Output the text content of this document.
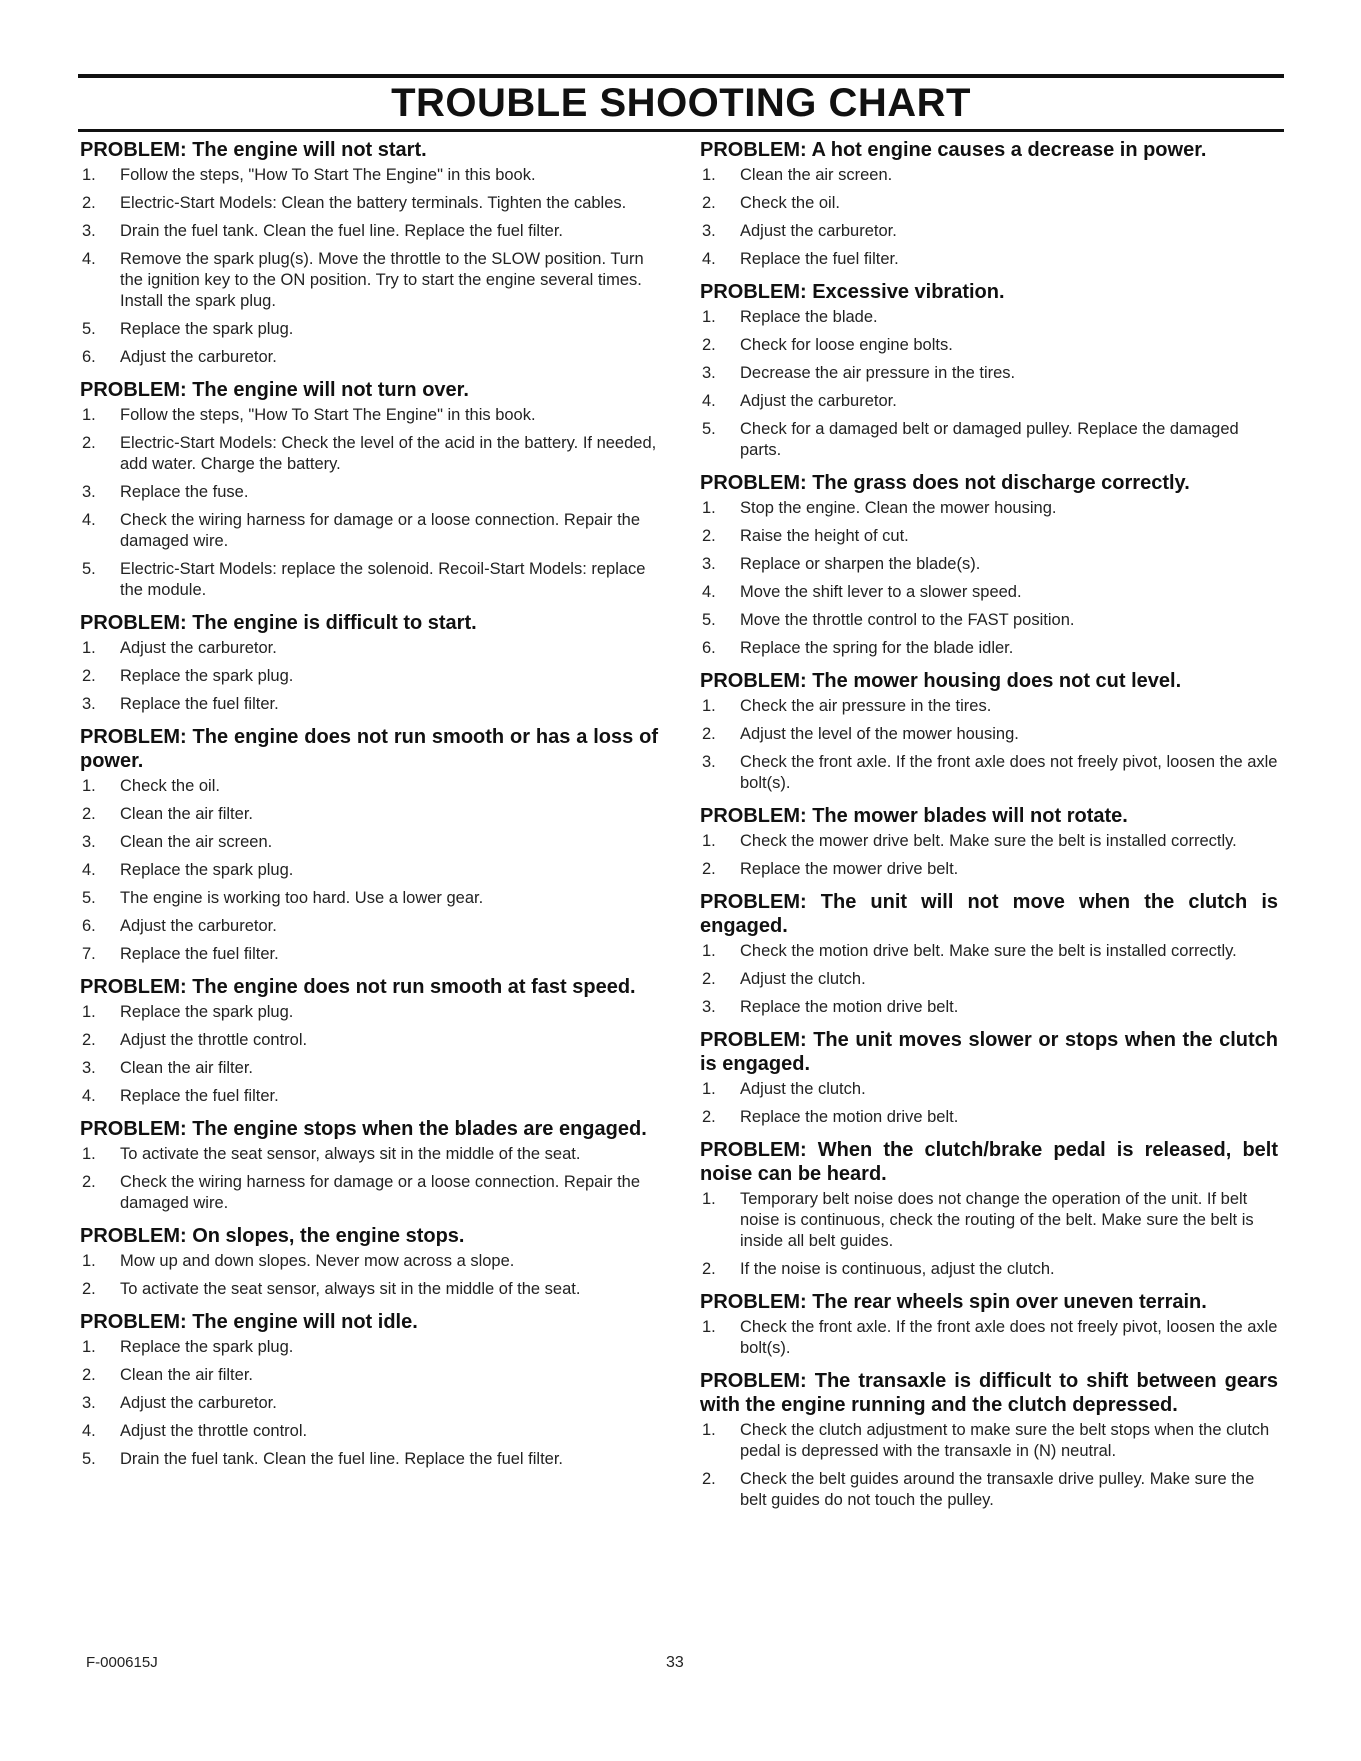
TROUBLE SHOOTING CHART
PROBLEM: The engine will not start.
1. Follow the steps, "How To Start The Engine" in this book.
2. Electric-Start Models: Clean the battery terminals. Tighten the cables.
3. Drain the fuel tank. Clean the fuel line. Replace the fuel filter.
4. Remove the spark plug(s). Move the throttle to the SLOW position. Turn the ignition key to the ON position. Try to start the engine several times. Install the spark plug.
5. Replace the spark plug.
6. Adjust the carburetor.
PROBLEM: The engine will not turn over.
1. Follow the steps, "How To Start The Engine" in this book.
2. Electric-Start Models: Check the level of the acid in the battery. If needed, add water. Charge the battery.
3. Replace the fuse.
4. Check the wiring harness for damage or a loose connection. Repair the damaged wire.
5. Electric-Start Models: replace the solenoid. Recoil-Start Models: replace the module.
PROBLEM: The engine is difficult to start.
1. Adjust the carburetor.
2. Replace the spark plug.
3. Replace the fuel filter.
PROBLEM: The engine does not run smooth or has a loss of power.
1. Check the oil.
2. Clean the air filter.
3. Clean the air screen.
4. Replace the spark plug.
5. The engine is working too hard. Use a lower gear.
6. Adjust the carburetor.
7. Replace the fuel filter.
PROBLEM: The engine does not run smooth at fast speed.
1. Replace the spark plug.
2. Adjust the throttle control.
3. Clean the air filter.
4. Replace the fuel filter.
PROBLEM: The engine stops when the blades are engaged.
1. To activate the seat sensor, always sit in the middle of the seat.
2. Check the wiring harness for damage or a loose connection. Repair the damaged wire.
PROBLEM: On slopes, the engine stops.
1. Mow up and down slopes. Never mow across a slope.
2. To activate the seat sensor, always sit in the middle of the seat.
PROBLEM: The engine will not idle.
1. Replace the spark plug.
2. Clean the air filter.
3. Adjust the carburetor.
4. Adjust the throttle control.
5. Drain the fuel tank. Clean the fuel line. Replace the fuel filter.
PROBLEM: A hot engine causes a decrease in power.
1. Clean the air screen.
2. Check the oil.
3. Adjust the carburetor.
4. Replace the fuel filter.
PROBLEM: Excessive vibration.
1. Replace the blade.
2. Check for loose engine bolts.
3. Decrease the air pressure in the tires.
4. Adjust the carburetor.
5. Check for a damaged belt or damaged pulley. Replace the damaged parts.
PROBLEM: The grass does not discharge correctly.
1. Stop the engine. Clean the mower housing.
2. Raise the height of cut.
3. Replace or sharpen the blade(s).
4. Move the shift lever to a slower speed.
5. Move the throttle control to the FAST position.
6. Replace the spring for the blade idler.
PROBLEM: The mower housing does not cut level.
1. Check the air pressure in the tires.
2. Adjust the level of the mower housing.
3. Check the front axle. If the front axle does not freely pivot, loosen the axle bolt(s).
PROBLEM: The mower blades will not rotate.
1. Check the mower drive belt. Make sure the belt is installed correctly.
2. Replace the mower drive belt.
PROBLEM: The unit will not move when the clutch is engaged.
1. Check the motion drive belt. Make sure the belt is installed correctly.
2. Adjust the clutch.
3. Replace the motion drive belt.
PROBLEM: The unit moves slower or stops when the clutch is engaged.
1. Adjust the clutch.
2. Replace the motion drive belt.
PROBLEM: When the clutch/brake pedal is released, belt noise can be heard.
1. Temporary belt noise does not change the operation of the unit. If belt noise is continuous, check the routing of the belt. Make sure the belt is inside all belt guides.
2. If the noise is continuous, adjust the clutch.
PROBLEM: The rear wheels spin over uneven terrain.
1. Check the front axle. If the front axle does not freely pivot, loosen the axle bolt(s).
PROBLEM: The transaxle is difficult to shift between gears with the engine running and the clutch depressed.
1. Check the clutch adjustment to make sure the belt stops when the clutch pedal is depressed with the transaxle in (N) neutral.
2. Check the belt guides around the transaxle drive pulley. Make sure the belt guides do not touch the pulley.
F-000615J	33
